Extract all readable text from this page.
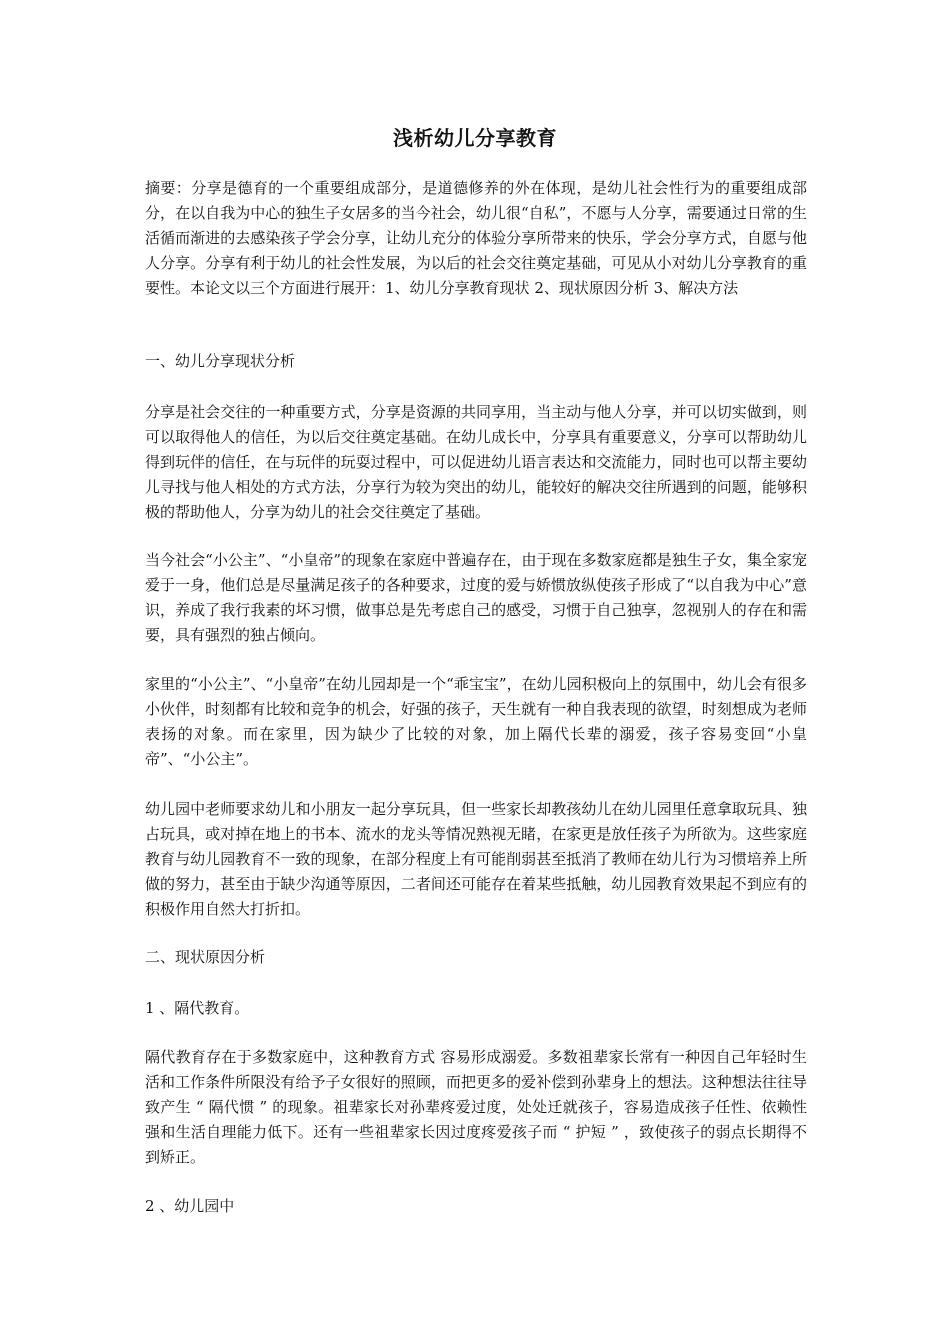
浅析幼儿分享教育
摘要：分享是德育的一个重要组成部分，是道德修养的外在体现，是幼儿社会性行为的重要组成部分，在以自我为中心的独生子女居多的当今社会，幼儿很“自私”，不愿与人分享，需要通过日常的生活循而渐进的去感染孩子学会分享，让幼儿充分的体验分享所带来的快乐，学会分享方式，自愿与他人分享。分享有利于幼儿的社会性发展，为以后的社会交往奠定基础，可见从小对幼儿分享教育的重要性。本论文以三个方面进行展开：1、幼儿分享教育现状 2、现状原因分析 3、解决方法
一、幼儿分享现状分析
分享是社会交往的一种重要方式，分享是资源的共同享用，当主动与他人分享，并可以切实做到，则可以取得他人的信任，为以后交往奠定基础。在幼儿成长中，分享具有重要意义，分享可以帮助幼儿得到玩伴的信任，在与玩伴的玩耍过程中，可以促进幼儿语言表达和交流能力，同时也可以帮主要幼儿寻找与他人相处的方式方法，分享行为较为突出的幼儿，能较好的解决交往所遇到的问题，能够积极的帮助他人，分享为幼儿的社会交往奠定了基础。
当今社会“小公主”、“小皇帝”的现象在家庭中普遍存在，由于现在多数家庭都是独生子女，集全家宠爱于一身，他们总是尽量满足孩子的各种要求，过度的爱与娇惯放纵使孩子形成了“以自我为中心”意识，养成了我行我素的坏习惯，做事总是先考虑自己的感受，习惯于自己独享，忽视别人的存在和需要，具有强烈的独占倾向。
家里的“小公主”、“小皇帝”在幼儿园却是一个“乖宝宝”，在幼儿园积极向上的氛围中，幼儿会有很多小伙伴，时刻都有比较和竞争的机会，好强的孩子，天生就有一种自我表现的欲望，时刻想成为老师表扬的对象。而在家里，因为缺少了比较的对象，加上隔代长辈的溺爱，孩子容易变回“小皇帝”、“小公主”。
幼儿园中老师要求幼儿和小朋友一起分享玩具，但一些家长却教孩幼儿在幼儿园里任意拿取玩具、独占玩具，或对掉在地上的书本、流水的龙头等情况熟视无睹，在家更是放任孩子为所欲为。这些家庭教育与幼儿园教育不一致的现象，在部分程度上有可能削弱甚至抵消了教师在幼儿行为习惯培养上所做的努力，甚至由于缺少沟通等原因，二者间还可能存在着某些抵触，幼儿园教育效果起不到应有的积极作用自然大打折扣。
二、现状原因分析
1 、隔代教育。
隔代教育存在于多数家庭中，这种教育方式 容易形成溺爱。多数祖辈家长常有一种因自己年轻时生活和工作条件所限没有给予子女很好的照顾，而把更多的爱补偿到孙辈身上的想法。这种想法往往导致产生 “ 隔代惯 ” 的现象。祖辈家长对孙辈疼爱过度，处处迁就孩子，容易造成孩子任性、依赖性强和生活自理能力低下。还有一些祖辈家长因过度疼爱孩子而 “ 护短 ” ，致使孩子的弱点长期得不到矫正。
2 、幼儿园中
